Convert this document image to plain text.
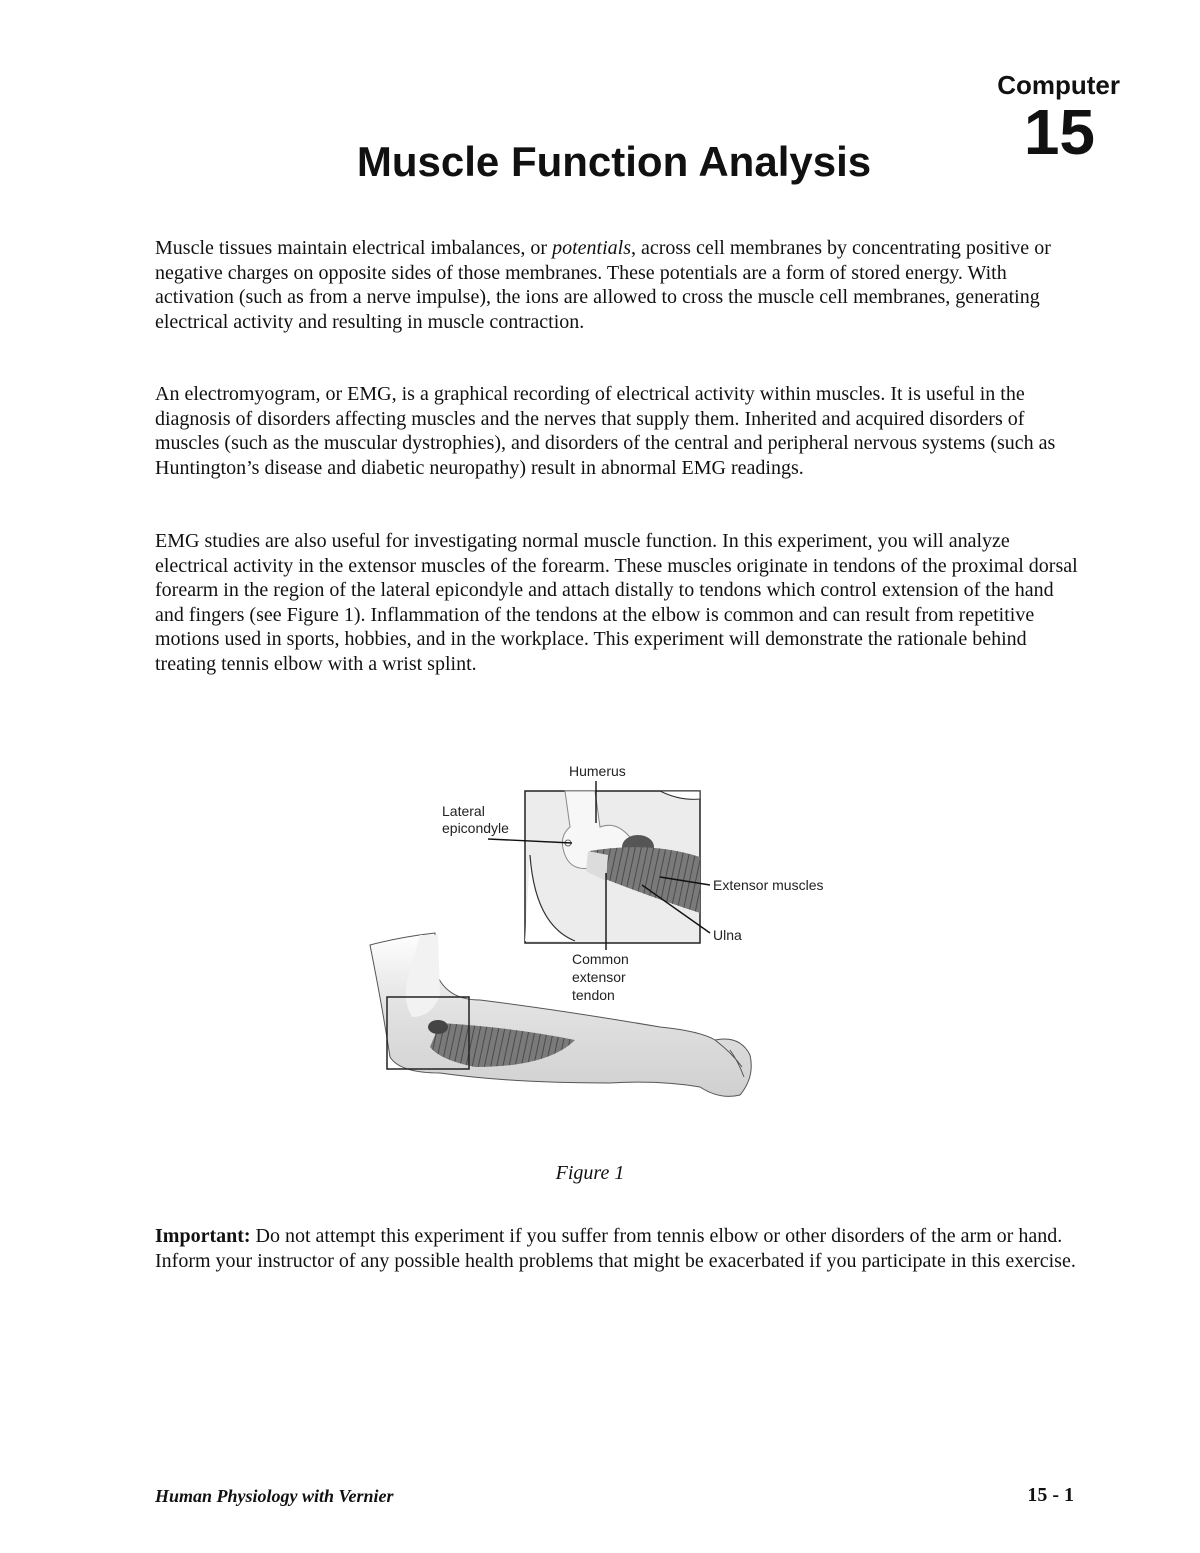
Computer
15
Muscle Function Analysis

Muscle tissues maintain electrical imbalances, or potentials, across cell membranes by concentrating positive or negative charges on opposite sides of those membranes. These potentials are a form of stored energy. With activation (such as from a nerve impulse), the ions are allowed to cross the muscle cell membranes, generating electrical activity and resulting in muscle contraction.

An electromyogram, or EMG, is a graphical recording of electrical activity within muscles. It is useful in the diagnosis of disorders affecting muscles and the nerves that supply them. Inherited and acquired disorders of muscles (such as the muscular dystrophies), and disorders of the central and peripheral nervous systems (such as Huntington’s disease and diabetic neuropathy) result in abnormal EMG readings.

EMG studies are also useful for investigating normal muscle function. In this experiment, you will analyze electrical activity in the extensor muscles of the forearm. These muscles originate in tendons of the proximal dorsal forearm in the region of the lateral epicondyle and attach distally to tendons which control extension of the hand and fingers (see Figure 1). Inflammation of the tendons at the elbow is common and can result from repetitive motions used in sports, hobbies, and in the workplace. This experiment will demonstrate the rationale behind treating tennis elbow with a wrist splint.

Humerus
Lateral
epicondyle
Extensor muscles
Ulna
Common
extensor
tendon
Figure 1

Important: Do not attempt this experiment if you suffer from tennis elbow or other disorders of the arm or hand. Inform your instructor of any possible health problems that might be exacerbated if you participate in this exercise.

Human Physiology with Vernier	15 - 1
